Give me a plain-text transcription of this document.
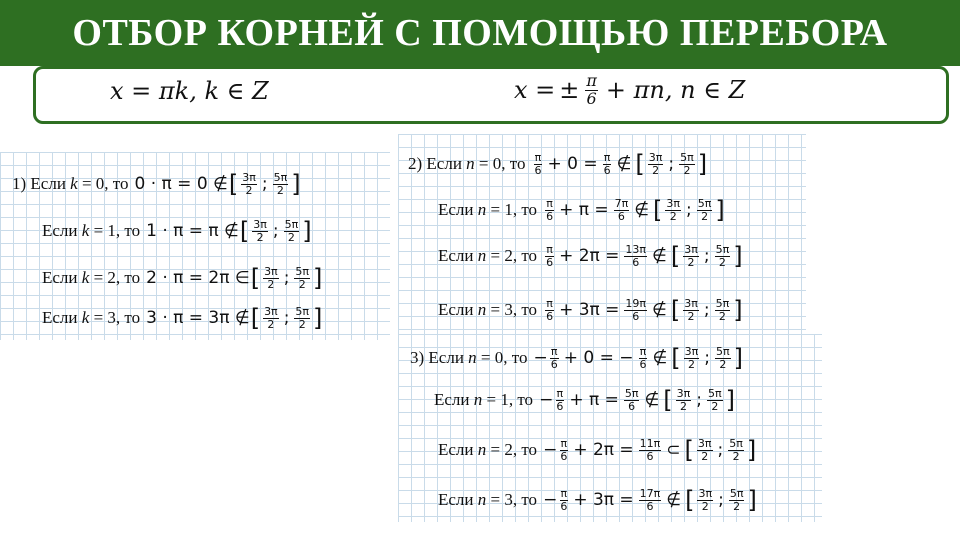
ОТБОР КОРНЕЙ С ПОМОЩЬЮ ПЕРЕБОРА
x = πk, k ∈ Z	x = ± $\frac{\pi}{6} + \pi n$, n ∈ Z
1) Если k = 0, то 0 · π = 0 ∉ [ $\frac{3\pi}{2}$ ; $\frac{5\pi}{2}$ ]
Если k = 1, то 1 · π = π ∉ [ $\frac{3\pi}{2}$ ; $\frac{5\pi}{2}$ ]
Если k = 2, то 2 · π = 2π ∈ [ $\frac{3\pi}{2}$ ; $\frac{5\pi}{2}$ ]
Если k = 3, то 3 · π = 3π ∉ [ $\frac{3\pi}{2}$ ; $\frac{5\pi}{2}$ ]
2) Если n = 0, то $\frac{\pi}{6} + 0 = \frac{\pi}{6}$ ∉ [ $\frac{3\pi}{2}$ ; $\frac{5\pi}{2}$ ]
Если n = 1, то $\frac{\pi}{6} + \pi = \frac{7\pi}{6}$ ∉ [ $\frac{3\pi}{2}$ ; $\frac{5\pi}{2}$ ]
Если n = 2, то $\frac{\pi}{6} + 2\pi = \frac{13\pi}{6}$ ∉ [ $\frac{3\pi}{2}$ ; $\frac{5\pi}{2}$ ]
Если n = 3, то $\frac{\pi}{6} + 3\pi = \frac{19\pi}{6}$ ∉ [ $\frac{3\pi}{2}$ ; $\frac{5\pi}{2}$ ]
3) Если n = 0, то − $\frac{\pi}{6} + 0$ = − $\frac{\pi}{6}$ ∉ [ $\frac{3\pi}{2}$ ; $\frac{5\pi}{2}$ ]
Если n = 1, то − $\frac{\pi}{6} + \pi = \frac{5\pi}{6}$ ∉ [ $\frac{3\pi}{2}$ ; $\frac{5\pi}{2}$ ]
Если n = 2, то − $\frac{\pi}{6} + 2\pi = \frac{11\pi}{6}$ ⊂ [ $\frac{3\pi}{2}$ ; $\frac{5\pi}{2}$ ]
Если n = 3, то − $\frac{\pi}{6} + 3\pi = \frac{17\pi}{6}$ ∉ [ $\frac{3\pi}{2}$ ; $\frac{5\pi}{2}$ ]
